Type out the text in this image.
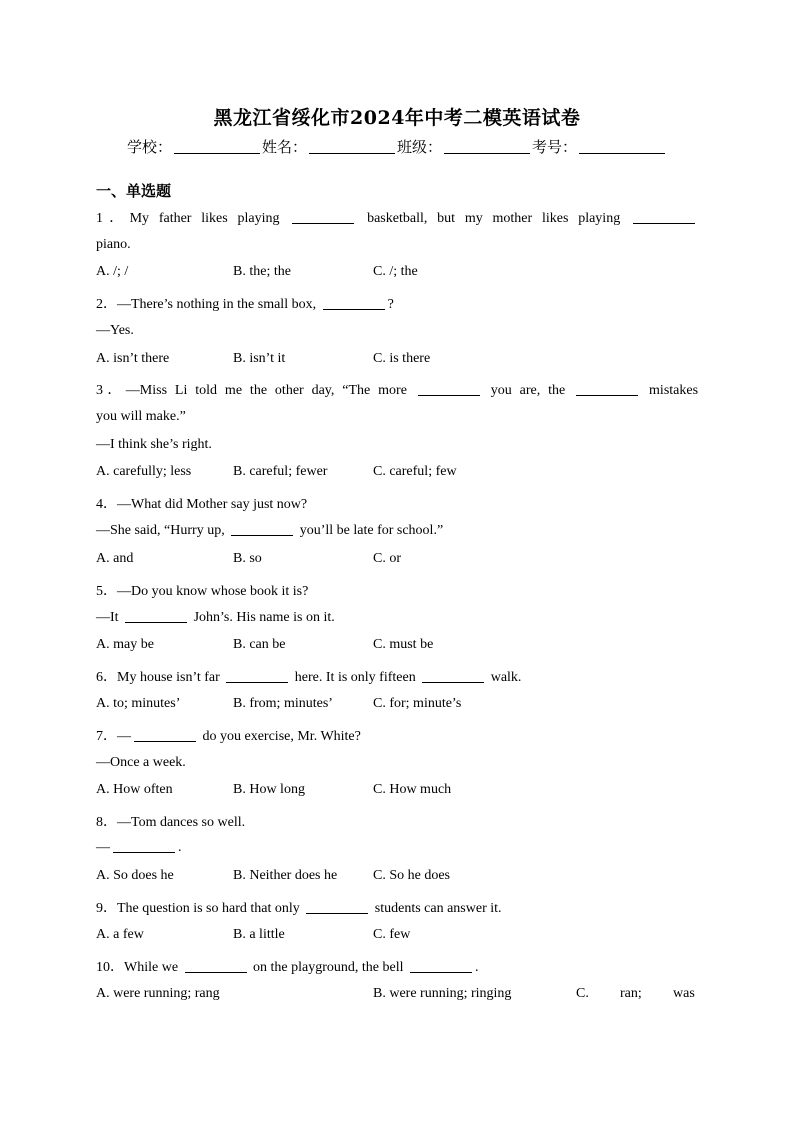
黑龙江省绥化市2024年中考二模英语试卷
学校：	姓名：	班级：	考号：
一、单选题
1．My father likes playing	basketball, but my mother likes playing
piano.
A. /; /	B. the; the	C. /; the
2．—There’s nothing in the small box,	?
—Yes.
A. isn’t there	B. isn’t it	C. is there
3．—Miss Li told me the other day, “The more	you are, the	mistakes
you will make.”
—I think she’s right.
A. carefully; less	B. careful; fewer	C. careful; few
4．—What did Mother say just now?
—She said, “Hurry up,	you’ll be late for school.”
A. and	B. so	C. or
5．—Do you know whose book it is?
—It	John’s. His name is on it.
A. may be	B. can be	C. must be
6．My house isn’t far	here. It is only fifteen	walk.
A. to; minutes’	B. from; minutes’	C. for; minute’s
7．—	do you exercise, Mr. White?
—Once a week.
A. How often	B. How long	C. How much
8．—Tom dances so well.
—	.
A. So does he	B. Neither does he	C. So he does
9．The question is so hard that only	students can answer it.
A. a few	B. a little	C. few
10．While we	on the playground, the bell	.
A. were running; rang	B. were running; ringing	C. ran; was
